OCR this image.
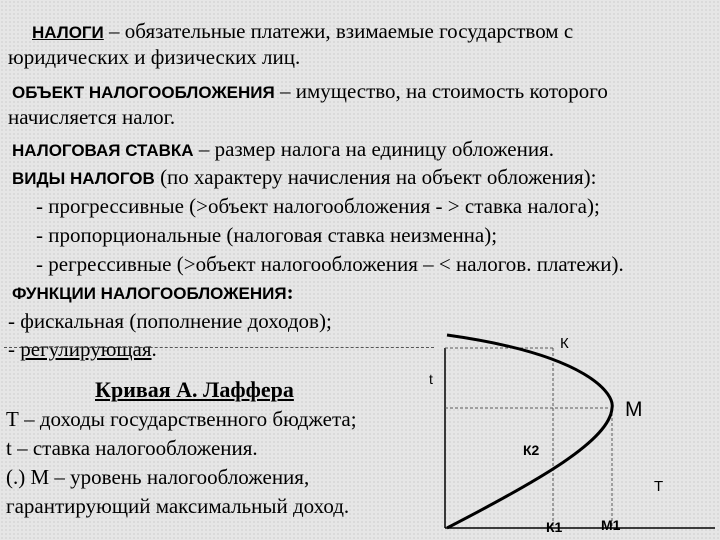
НАЛОГИ – обязательные платежи, взимаемые государством с
юридических и физических лиц.
ОБЪЕКТ НАЛОГООБЛОЖЕНИЯ – имущество, на стоимость которого
начисляется налог.
НАЛОГОВАЯ СТАВКА – размер налога на единицу обложения.
ВИДЫ НАЛОГОВ (по характеру начисления на объект обложения):
- прогрессивные (>объект налогообложения - > ставка налога);
- пропорциональные (налоговая ставка неизменна);
- регрессивные (>объект налогообложения – < налогов. платежи).
ФУНКЦИИ НАЛОГООБЛОЖЕНИЯ:
- фискальная (пополнение доходов);
- регулирующая.
Кривая А. Лаффера
Т – доходы государственного бюджета;
t – ставка налогообложения.
(.) М – уровень налогообложения,
гарантирующий максимальный доход.
t
К
М
К2
Т
К1	М1
